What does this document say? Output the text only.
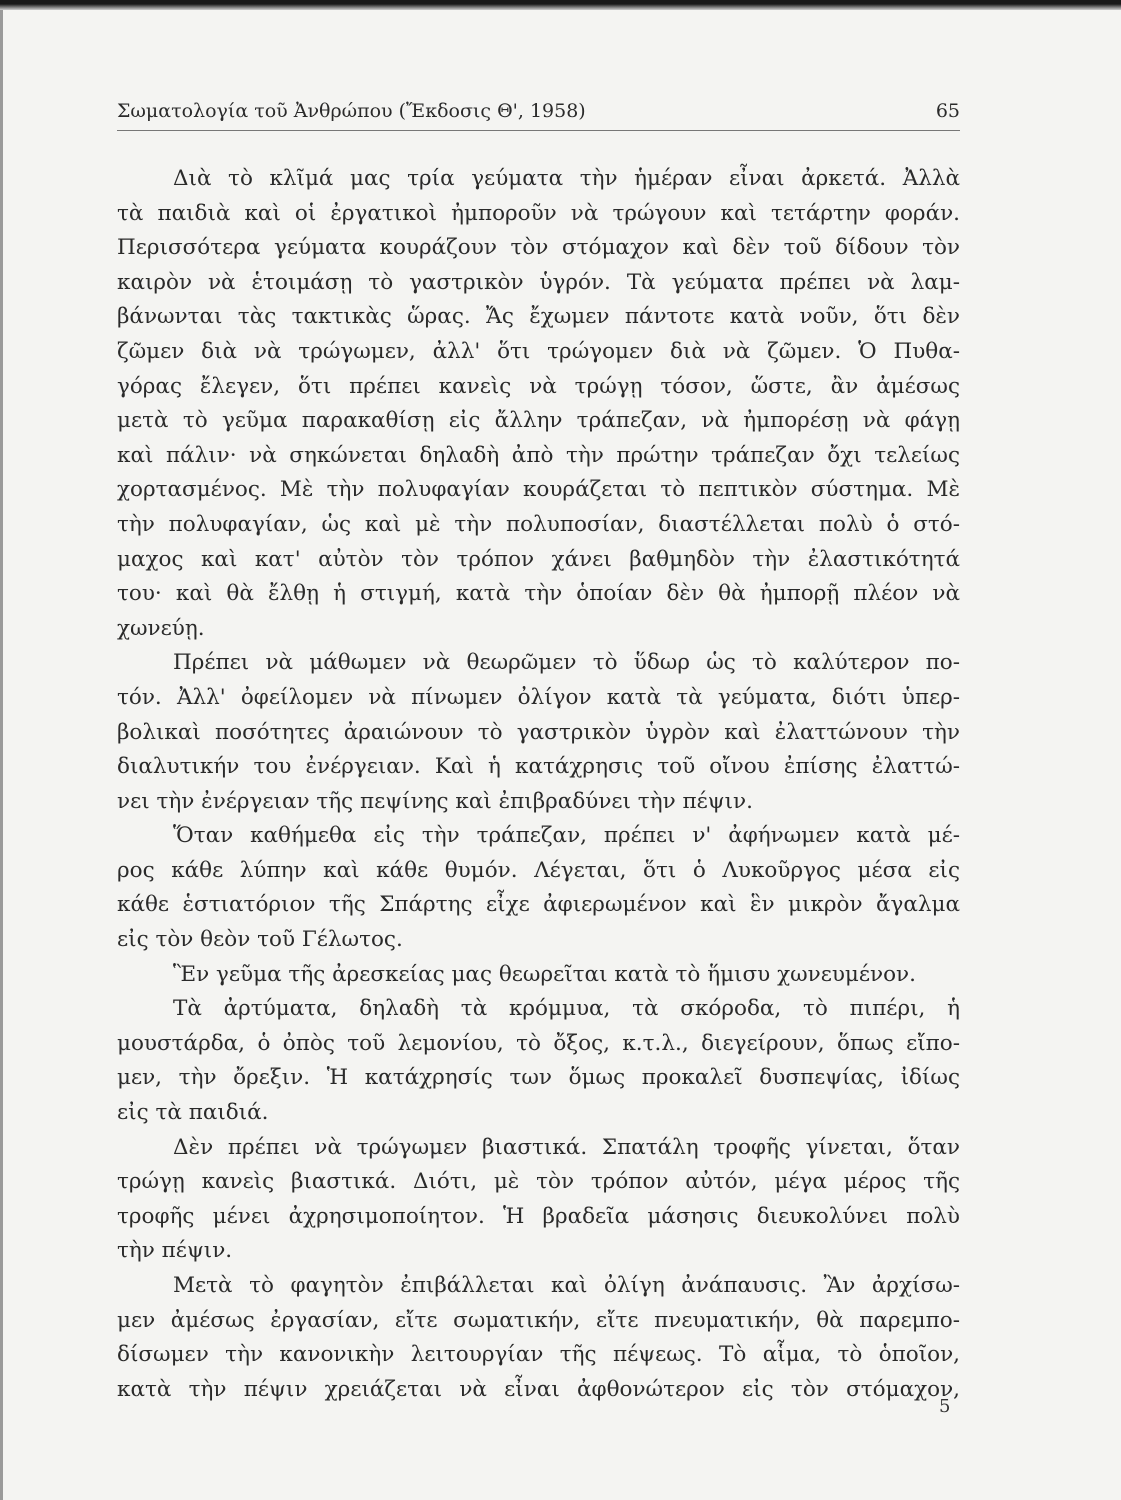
Σωματολογία τοῦ Ἀνθρώπου (Ἔκδοσις Θ', 1958)	65
Διὰ τὸ κλῖμά μας τρία γεύματα τὴν ἡμέραν εἶναι ἀρκετά. Ἀλλὰ
τὰ παιδιὰ καὶ οἱ ἐργατικοὶ ἠμποροῦν νὰ τρώγουν καὶ τετάρτην φοράν.
Περισσότερα γεύματα κουράζουν τὸν στόμαχον καὶ δὲν τοῦ δίδουν τὸν
καιρὸν νὰ ἑτοιμάσῃ τὸ γαστρικὸν ὑγρόν. Τὰ γεύματα πρέπει νὰ λαμ-
βάνωνται τὰς τακτικὰς ὥρας. Ἄς ἔχωμεν πάντοτε κατὰ νοῦν, ὅτι δὲν
ζῶμεν διὰ νὰ τρώγωμεν, ἀλλ' ὅτι τρώγομεν διὰ νὰ ζῶμεν. Ὁ Πυθα-
γόρας ἔλεγεν, ὅτι πρέπει κανεὶς νὰ τρώγῃ τόσον, ὥστε, ἂν ἀμέσως
μετὰ τὸ γεῦμα παρακαθίσῃ εἰς ἄλλην τράπεζαν, νὰ ἠμπορέσῃ νὰ φάγῃ
καὶ πάλιν· νὰ σηκώνεται δηλαδὴ ἀπὸ τὴν πρώτην τράπεζαν ὄχι τελείως
χορτασμένος. Μὲ τὴν πολυφαγίαν κουράζεται τὸ πεπτικὸν σύστημα. Μὲ
τὴν πολυφαγίαν, ὡς καὶ μὲ τὴν πολυποσίαν, διαστέλλεται πολὺ ὁ στό-
μαχος καὶ κατ' αὐτὸν τὸν τρόπον χάνει βαθμηδὸν τὴν ἐλαστικότητά
του· καὶ θὰ ἔλθῃ ἡ στιγμή, κατὰ τὴν ὁποίαν δὲν θὰ ἠμπορῇ πλέον νὰ
χωνεύῃ.
Πρέπει νὰ μάθωμεν νὰ θεωρῶμεν τὸ ὕδωρ ὡς τὸ καλύτερον πο-
τόν. Ἀλλ' ὀφείλομεν νὰ πίνωμεν ὀλίγον κατὰ τὰ γεύματα, διότι ὑπερ-
βολικαὶ ποσότητες ἀραιώνουν τὸ γαστρικὸν ὑγρὸν καὶ ἐλαττώνουν τὴν
διαλυτικήν του ἐνέργειαν. Καὶ ἡ κατάχρησις τοῦ οἴνου ἐπίσης ἐλαττώ-
νει τὴν ἐνέργειαν τῆς πεψίνης καὶ ἐπιβραδύνει τὴν πέψιν.
Ὅταν καθήμεθα εἰς τὴν τράπεζαν, πρέπει ν' ἀφήνωμεν κατὰ μέ-
ρος κάθε λύπην καὶ κάθε θυμόν. Λέγεται, ὅτι ὁ Λυκοῦργος μέσα εἰς
κάθε ἑστιατόριον τῆς Σπάρτης εἶχε ἀφιερωμένον καὶ ἓν μικρὸν ἄγαλμα
εἰς τὸν θεὸν τοῦ Γέλωτος.
Ἓν γεῦμα τῆς ἀρεσκείας μας θεωρεῖται κατὰ τὸ ἥμισυ χωνευμένον.
Τὰ ἀρτύματα, δηλαδὴ τὰ κρόμμυα, τὰ σκόροδα, τὸ πιπέρι, ἡ
μουστάρδα, ὁ ὀπὸς τοῦ λεμονίου, τὸ ὄξος, κ.τ.λ., διεγείρουν, ὅπως εἴπο-
μεν, τὴν ὄρεξιν. Ἡ κατάχρησίς των ὅμως προκαλεῖ δυσπεψίας, ἰδίως
εἰς τὰ παιδιά.
Δὲν πρέπει νὰ τρώγωμεν βιαστικά. Σπατάλη τροφῆς γίνεται, ὅταν
τρώγῃ κανεὶς βιαστικά. Διότι, μὲ τὸν τρόπον αὐτόν, μέγα μέρος τῆς
τροφῆς μένει ἀχρησιμοποίητον. Ἡ βραδεῖα μάσησις διευκολύνει πολὺ
τὴν πέψιν.
Μετὰ τὸ φαγητὸν ἐπιβάλλεται καὶ ὀλίγη ἀνάπαυσις. Ἂν ἀρχίσω-
μεν ἀμέσως ἐργασίαν, εἴτε σωματικήν, εἴτε πνευματικήν, θὰ παρεμπο-
δίσωμεν τὴν κανονικὴν λειτουργίαν τῆς πέψεως. Τὸ αἷμα, τὸ ὁποῖον,
κατὰ τὴν πέψιν χρειάζεται νὰ εἶναι ἀφθονώτερον εἰς τὸν στόμαχον,
5
